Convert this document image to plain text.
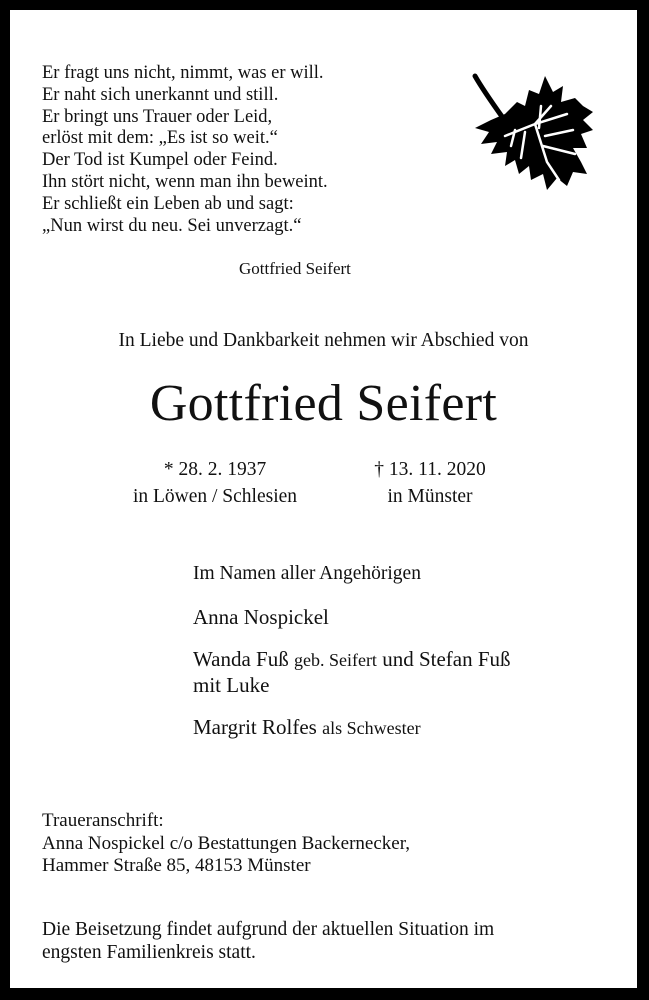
Er fragt uns nicht, nimmt, was er will.
Er naht sich unerkannt und still.
Er bringt uns Trauer oder Leid,
erlöst mit dem: „Es ist so weit.“
Der Tod ist Kumpel oder Feind.
Ihn stört nicht, wenn man ihn beweint.
Er schließt ein Leben ab und sagt:
„Nun wirst du neu. Sei unverzagt.“
Gottfried Seifert
In Liebe und Dankbarkeit nehmen wir Abschied von
Gottfried Seifert
* 28. 2. 1937
in Löwen / Schlesien
† 13. 11. 2020
in Münster
Im Namen aller Angehörigen
Anna Nospickel
Wanda Fuß geb. Seifert und Stefan Fuß
mit Luke
Margrit Rolfes als Schwester
Traueranschrift:
Anna Nospickel c/o Bestattungen Backernecker,
Hammer Straße 85, 48153 Münster
Die Beisetzung findet aufgrund der aktuellen Situation im
engsten Familienkreis statt.
